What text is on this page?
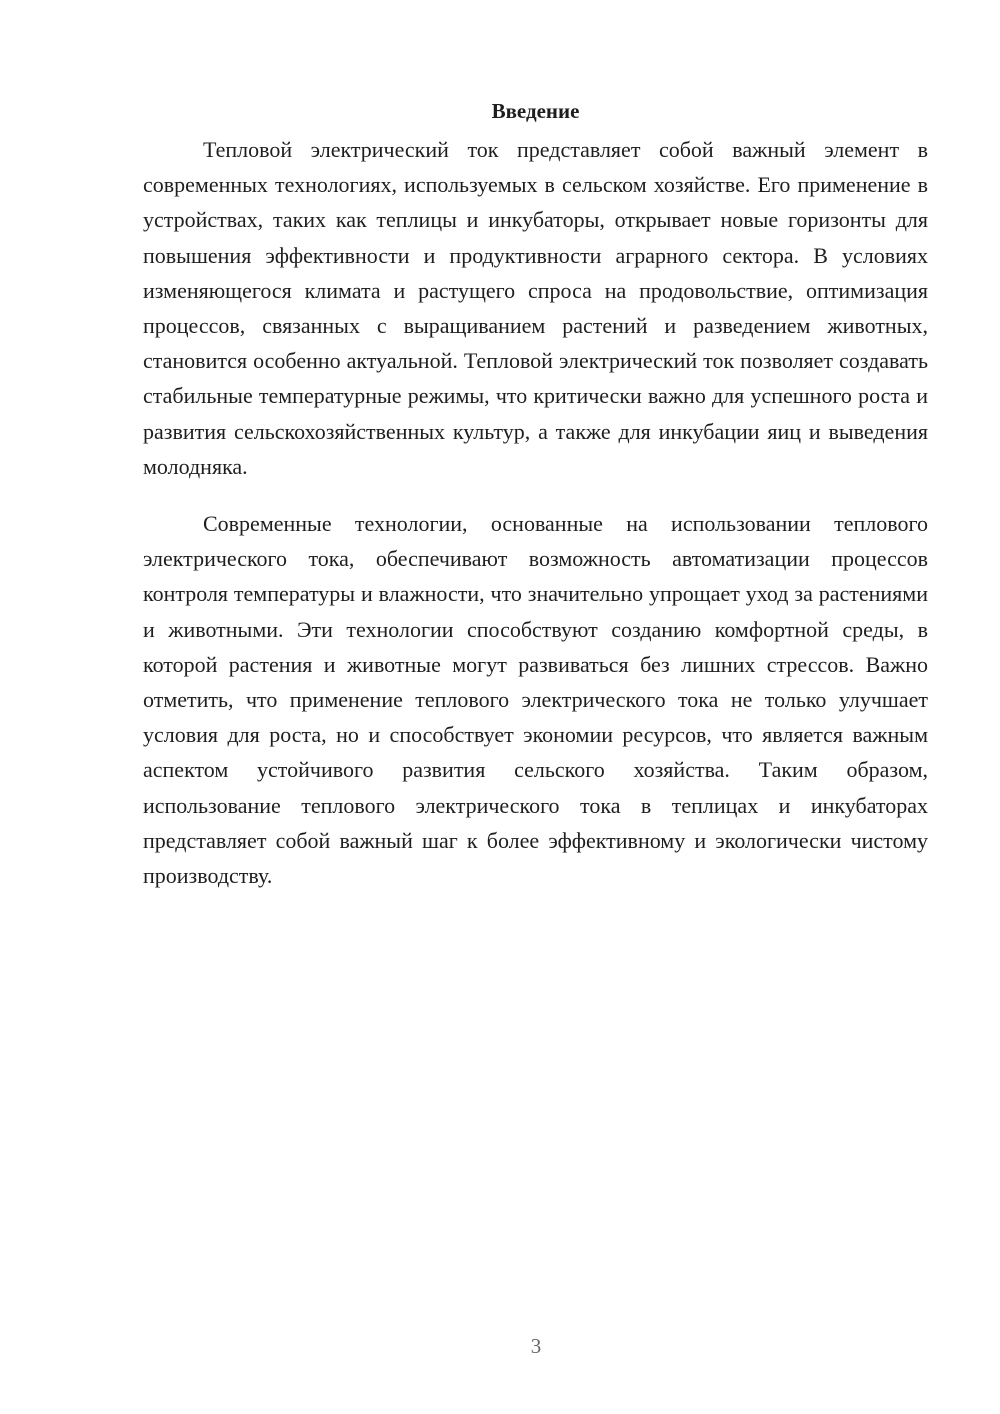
Введение

Тепловой электрический ток представляет собой важный элемент в современных технологиях, используемых в сельском хозяйстве. Его применение в устройствах, таких как теплицы и инкубаторы, открывает новые горизонты для повышения эффективности и продуктивности аграрного сектора. В условиях изменяющегося климата и растущего спроса на продовольствие, оптимизация процессов, связанных с выращиванием растений и разведением животных, становится особенно актуальной. Тепловой электрический ток позволяет создавать стабильные температурные режимы, что критически важно для успешного роста и развития сельскохозяйственных культур, а также для инкубации яиц и выведения молодняка.

Современные технологии, основанные на использовании теплового электрического тока, обеспечивают возможность автоматизации процессов контроля температуры и влажности, что значительно упрощает уход за растениями и животными. Эти технологии способствуют созданию комфортной среды, в которой растения и животные могут развиваться без лишних стрессов. Важно отметить, что применение теплового электрического тока не только улучшает условия для роста, но и способствует экономии ресурсов, что является важным аспектом устойчивого развития сельского хозяйства. Таким образом, использование теплового электрического тока в теплицах и инкубаторах представляет собой важный шаг к более эффективному и экологически чистому производству.

3
